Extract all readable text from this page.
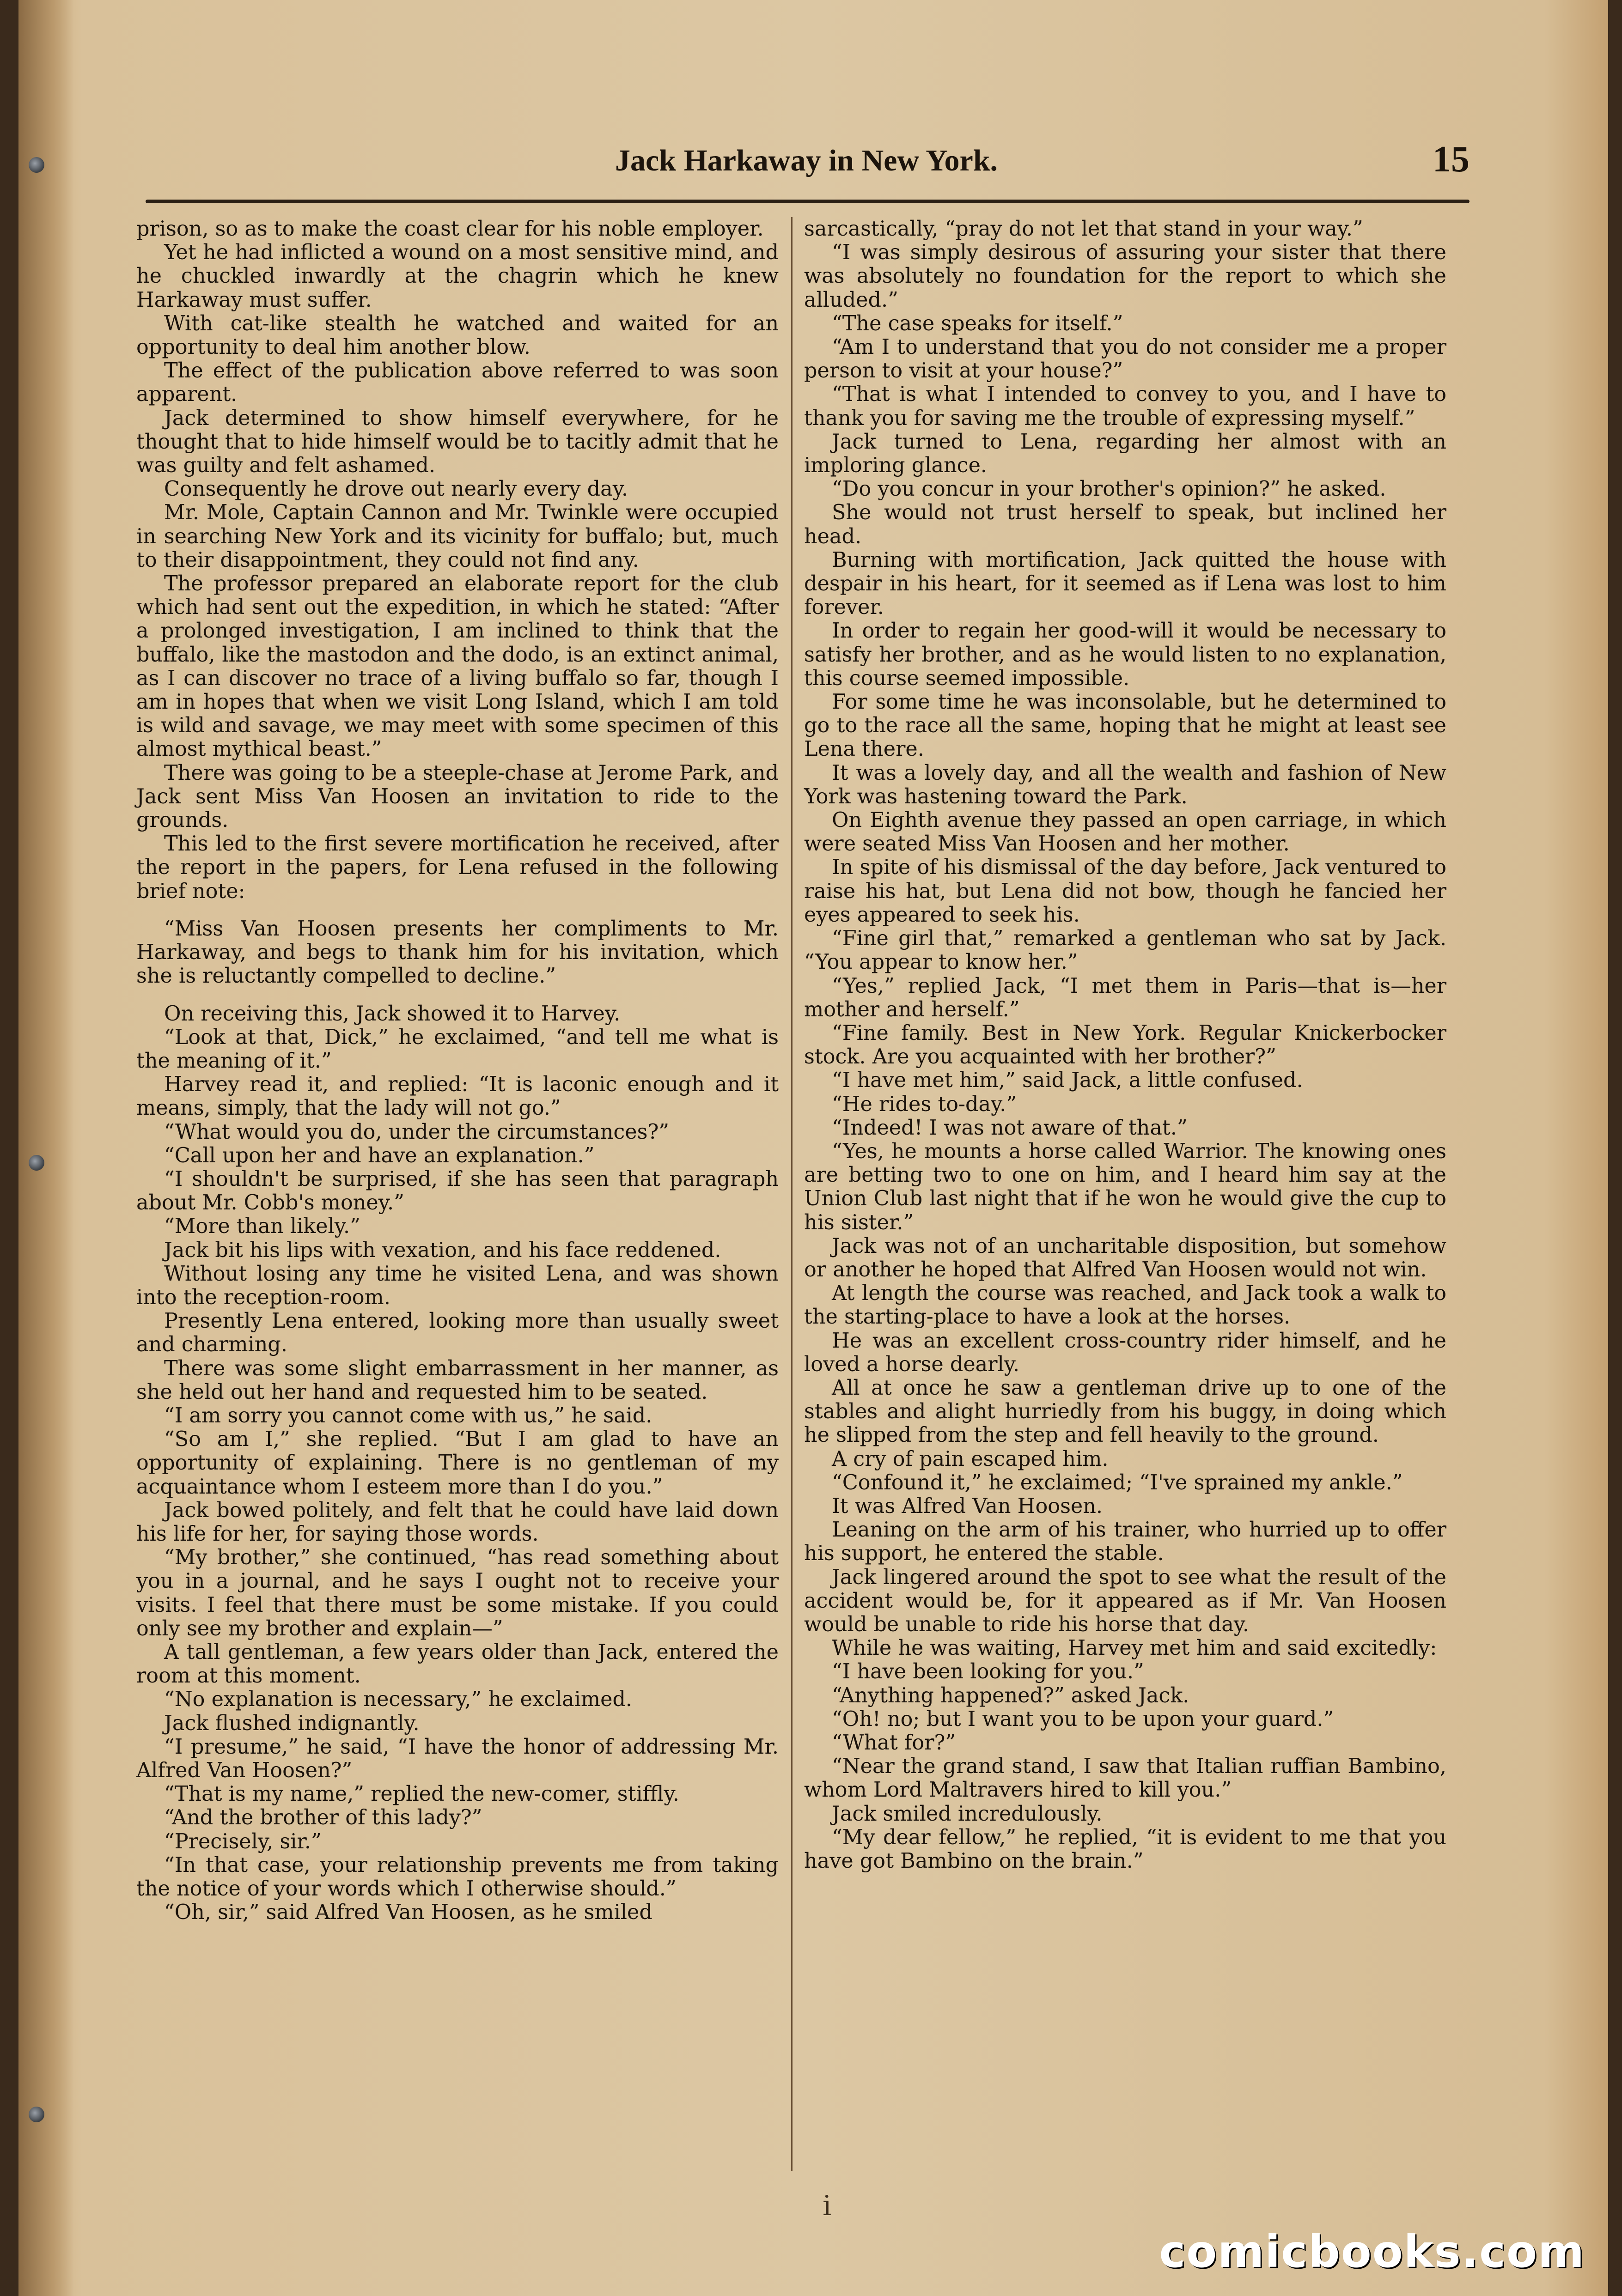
Jack Harkaway in New York.	15

prison, so as to make the coast clear for his noble employer.

Yet he had inflicted a wound on a most sensitive mind, and he chuckled inwardly at the chagrin which he knew Harkaway must suffer.

With cat-like stealth he watched and waited for an opportunity to deal him another blow.

The effect of the publication above referred to was soon apparent.

Jack determined to show himself everywhere, for he thought that to hide himself would be to tacitly admit that he was guilty and felt ashamed.

Consequently he drove out nearly every day.

Mr. Mole, Captain Cannon and Mr. Twinkle were occupied in searching New York and its vicinity for buffalo; but, much to their disappointment, they could not find any.

The professor prepared an elaborate report for the club which had sent out the expedition, in which he stated: “After a prolonged investigation, I am inclined to think that the buffalo, like the mastodon and the dodo, is an extinct animal, as I can discover no trace of a living buffalo so far, though I am in hopes that when we visit Long Island, which I am told is wild and savage, we may meet with some specimen of this almost mythical beast.”

There was going to be a steeple-chase at Jerome Park, and Jack sent Miss Van Hoosen an invitation to ride to the grounds.

This led to the first severe mortification he received, after the report in the papers, for Lena refused in the following brief note:

“Miss Van Hoosen presents her compliments to Mr. Harkaway, and begs to thank him for his invitation, which she is reluctantly compelled to decline.”

On receiving this, Jack showed it to Harvey.

“Look at that, Dick,” he exclaimed, “and tell me what is the meaning of it.”

Harvey read it, and replied: “It is laconic enough and it means, simply, that the lady will not go.”

“What would you do, under the circumstances?”

“Call upon her and have an explanation.”

“I shouldn't be surprised, if she has seen that paragraph about Mr. Cobb's money.”

“More than likely.”

Jack bit his lips with vexation, and his face reddened.

Without losing any time he visited Lena, and was shown into the reception-room.

Presently Lena entered, looking more than usually sweet and charming.

There was some slight embarrassment in her manner, as she held out her hand and requested him to be seated.

“I am sorry you cannot come with us,” he said.

“So am I,” she replied. “But I am glad to have an opportunity of explaining. There is no gentleman of my acquaintance whom I esteem more than I do you.”

Jack bowed politely, and felt that he could have laid down his life for her, for saying those words.

“My brother,” she continued, “has read something about you in a journal, and he says I ought not to receive your visits. I feel that there must be some mistake. If you could only see my brother and explain—”

A tall gentleman, a few years older than Jack, entered the room at this moment.

“No explanation is necessary,” he exclaimed.

Jack flushed indignantly.

“I presume,” he said, “I have the honor of addressing Mr. Alfred Van Hoosen?”

“That is my name,” replied the new-comer, stiffly.

“And the brother of this lady?”

“Precisely, sir.”

“In that case, your relationship prevents me from taking the notice of your words which I otherwise should.”

“Oh, sir,” said Alfred Van Hoosen, as he smiled

sarcastically, “pray do not let that stand in your way.”

“I was simply desirous of assuring your sister that there was absolutely no foundation for the report to which she alluded.”

“The case speaks for itself.”

“Am I to understand that you do not consider me a proper person to visit at your house?”

“That is what I intended to convey to you, and I have to thank you for saving me the trouble of expressing myself.”

Jack turned to Lena, regarding her almost with an imploring glance.

“Do you concur in your brother's opinion?” he asked.

She would not trust herself to speak, but inclined her head.

Burning with mortification, Jack quitted the house with despair in his heart, for it seemed as if Lena was lost to him forever.

In order to regain her good-will it would be necessary to satisfy her brother, and as he would listen to no explanation, this course seemed impossible.

For some time he was inconsolable, but he determined to go to the race all the same, hoping that he might at least see Lena there.

It was a lovely day, and all the wealth and fashion of New York was hastening toward the Park.

On Eighth avenue they passed an open carriage, in which were seated Miss Van Hoosen and her mother.

In spite of his dismissal of the day before, Jack ventured to raise his hat, but Lena did not bow, though he fancied her eyes appeared to seek his.

“Fine girl that,” remarked a gentleman who sat by Jack. “You appear to know her.”

“Yes,” replied Jack, “I met them in Paris—that is—her mother and herself.”

“Fine family. Best in New York. Regular Knickerbocker stock. Are you acquainted with her brother?”

“I have met him,” said Jack, a little confused.

“He rides to-day.”

“Indeed! I was not aware of that.”

“Yes, he mounts a horse called Warrior. The knowing ones are betting two to one on him, and I heard him say at the Union Club last night that if he won he would give the cup to his sister.”

Jack was not of an uncharitable disposition, but somehow or another he hoped that Alfred Van Hoosen would not win.

At length the course was reached, and Jack took a walk to the starting-place to have a look at the horses.

He was an excellent cross-country rider himself, and he loved a horse dearly.

All at once he saw a gentleman drive up to one of the stables and alight hurriedly from his buggy, in doing which he slipped from the step and fell heavily to the ground.

A cry of pain escaped him.

“Confound it,” he exclaimed; “I've sprained my ankle.”

It was Alfred Van Hoosen.

Leaning on the arm of his trainer, who hurried up to offer his support, he entered the stable.

Jack lingered around the spot to see what the result of the accident would be, for it appeared as if Mr. Van Hoosen would be unable to ride his horse that day.

While he was waiting, Harvey met him and said excitedly:

“I have been looking for you.”

“Anything happened?” asked Jack.

“Oh! no; but I want you to be upon your guard.”

“What for?”

“Near the grand stand, I saw that Italian ruffian Bambino, whom Lord Maltravers hired to kill you.”

Jack smiled incredulously.

“My dear fellow,” he replied, “it is evident to me that you have got Bambino on the brain.”

i
comicbooks.com
